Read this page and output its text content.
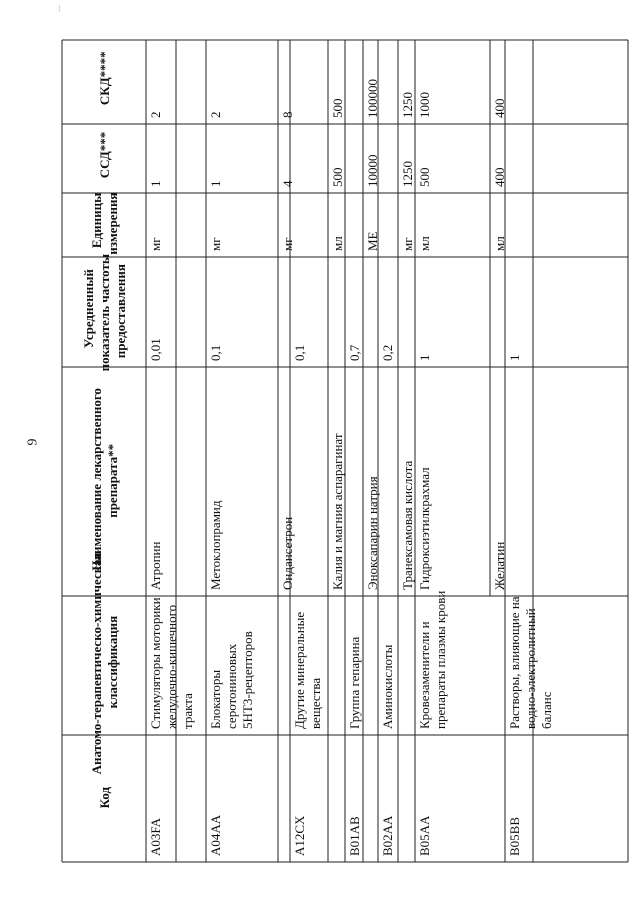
9
⁞
Код
Анатомо-терапевтическо-химическая классификация
Наименование лекарственного препарата**
Усредненный показатель частоты предоставления
Единицы измерения
ССД***
СКД****
A03FA
Стимуляторы моторики желудочно-кишечного тракта
0,01
Атропин
мг
1
2
A04AA
Блокаторы серотониновых 5HT3-рецепторов
Метоклопрамид
0,1
мг
1
2
Ондансетрон
мг
4
8
A12CX
Другие минеральные вещества
0,1
Калия и магния аспарагинат
мл
500
500
B01AB
Группа гепарина
0,7
Эноксапарин натрия
МЕ
10000
100000
B02AA
Аминокислоты
0,2
Транексамовая кислота
мг
1250
1250
B05AA
Кровезаменители и препараты плазмы крови
1
Гидроксиэтилкрахмал
мл
500
1000
Желатин
мл
400
400
B05BB
Растворы, влияющие на водно-электролитный баланс
1
